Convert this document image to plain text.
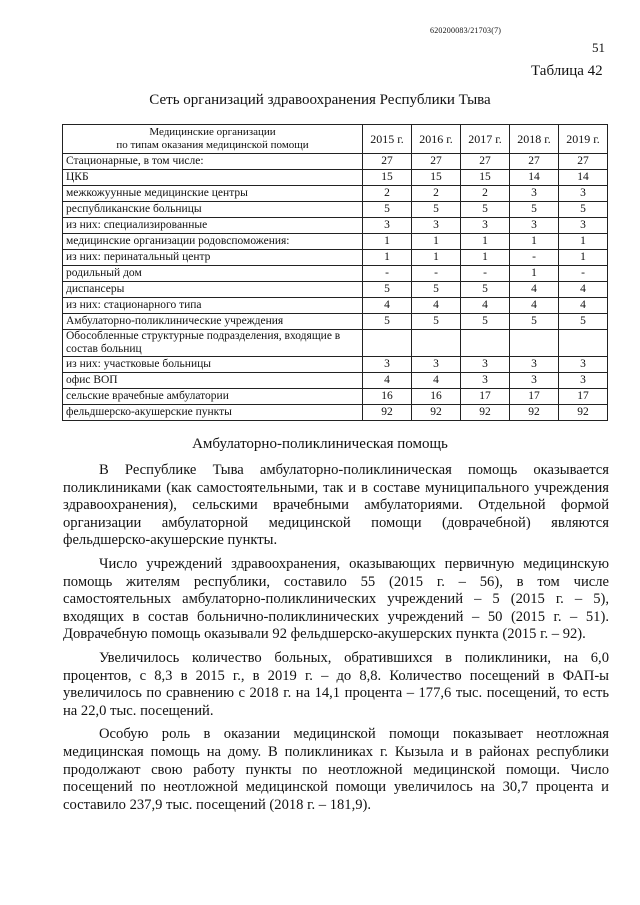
620200083/21703(7)
51
Таблица 42
Сеть организаций здравоохранения Республики Тыва
Медицинские организации
по типам оказания медицинской помощи	2015 г.	2016 г.	2017 г.	2018 г.	2019 г.
Стационарные, в том числе:	27	27	27	27	27
ЦКБ	15	15	15	14	14
межкожуунные медицинские центры	2	2	2	3	3
республиканские больницы	5	5	5	5	5
из них: специализированные	3	3	3	3	3
медицинские организации родовспоможения:	1	1	1	1	1
из них: перинатальный центр	1	1	1	-	1
родильный дом	-	-	-	1	-
диспансеры	5	5	5	4	4
из них: стационарного типа	4	4	4	4	4
Амбулаторно-поликлинические учреждения	5	5	5	5	5
Обособленные структурные подразделения, входящие в состав больниц					
из них: участковые больницы	3	3	3	3	3
офис ВОП	4	4	3	3	3
сельские врачебные амбулатории	16	16	17	17	17
фельдшерско-акушерские пункты	92	92	92	92	92
Амбулаторно-поликлиническая помощь

В Республике Тыва амбулаторно-поликлиническая помощь оказывается поликлиниками (как самостоятельными, так и в составе муниципального учреждения здравоохранения), сельскими врачебными амбулаториями. Отдельной формой организации амбулаторной медицинской помощи (доврачебной) являются фельдшерско-акушерские пункты.

Число учреждений здравоохранения, оказывающих первичную медицинскую помощь жителям республики, составило 55 (2015 г. – 56), в том числе самостоятельных амбулаторно-поликлинических учреждений – 5 (2015 г. – 5), входящих в состав больнично-поликлинических учреждений – 50 (2015 г. – 51). Доврачебную помощь оказывали 92 фельдшерско-акушерских пункта (2015 г. – 92).

Увеличилось количество больных, обратившихся в поликлиники, на 6,0 процентов, с 8,3 в 2015 г., в 2019 г. – до 8,8. Количество посещений в ФАП-ы увеличилось по сравнению с 2018 г. на 14,1 процента – 177,6 тыс. посещений, то есть на 22,0 тыс. посещений.

Особую роль в оказании медицинской помощи показывает неотложная медицинская помощь на дому. В поликлиниках г. Кызыла и в районах республики продолжают свою работу пункты по неотложной медицинской помощи. Число посещений по неотложной медицинской помощи увеличилось на 30,7 процента и составило 237,9 тыс. посещений (2018 г. – 181,9).
